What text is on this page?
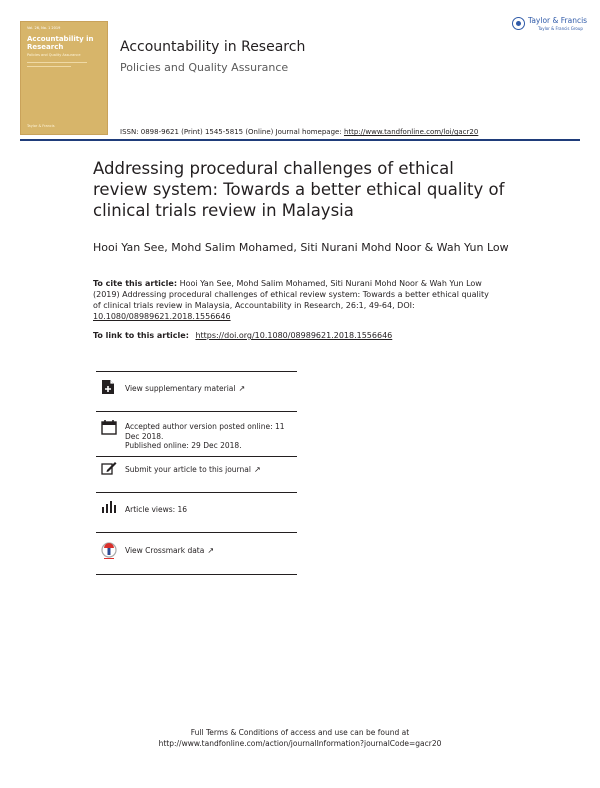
Vol. 26, No. 1 2019
Accountability in Research
Policies and Quality Assurance
Taylor & Francis
Accountability in Research
Policies and Quality Assurance
Taylor & Francis
Taylor & Francis Group
ISSN: 0898-9621 (Print) 1545-5815 (Online) Journal homepage: http://www.tandfonline.com/loi/gacr20
Addressing procedural challenges of ethical review system: Towards a better ethical quality of clinical trials review in Malaysia
Hooi Yan See, Mohd Salim Mohamed, Siti Nurani Mohd Noor & Wah Yun Low
To cite this article: Hooi Yan See, Mohd Salim Mohamed, Siti Nurani Mohd Noor & Wah Yun Low (2019) Addressing procedural challenges of ethical review system: Towards a better ethical quality of clinical trials review in Malaysia, Accountability in Research, 26:1, 49-64, DOI: 10.1080/08989621.2018.1556646
To link to this article: https://doi.org/10.1080/08989621.2018.1556646
View supplementary material ↗
Accepted author version posted online: 11 Dec 2018.
Published online: 29 Dec 2018.
Submit your article to this journal ↗
Article views: 16
View Crossmark data ↗
Full Terms & Conditions of access and use can be found at
http://www.tandfonline.com/action/journalInformation?journalCode=gacr20
